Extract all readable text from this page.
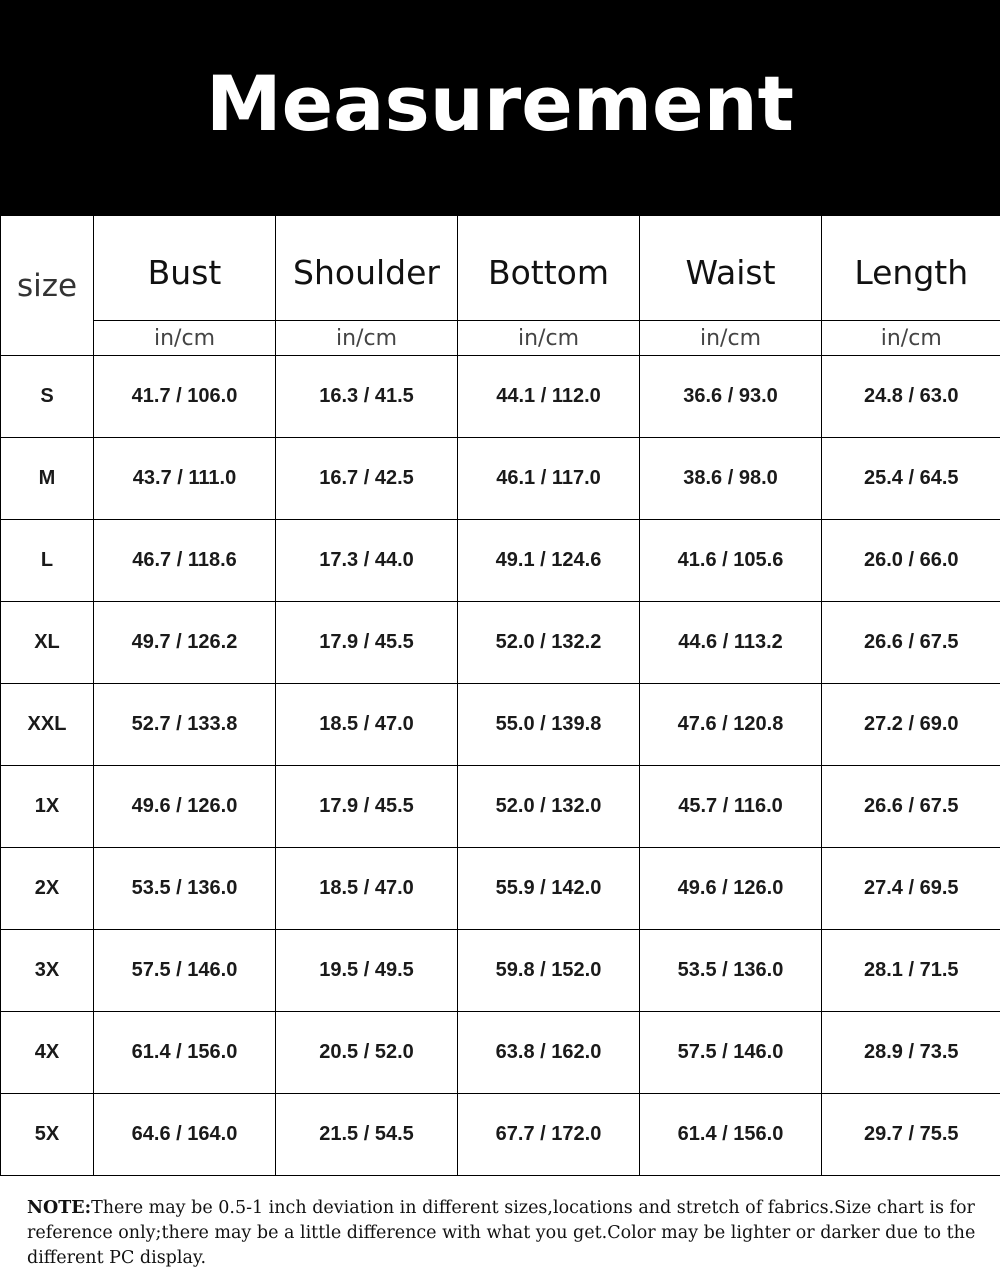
Measurement
size	Bust	Shoulder	Bottom	Waist	Length
	in/cm	in/cm	in/cm	in/cm	in/cm
S	41.7 / 106.0	16.3 / 41.5	44.1 / 112.0	36.6 / 93.0	24.8 / 63.0
M	43.7 / 111.0	16.7 / 42.5	46.1 / 117.0	38.6 / 98.0	25.4 / 64.5
L	46.7 / 118.6	17.3 / 44.0	49.1 / 124.6	41.6 / 105.6	26.0 / 66.0
XL	49.7 / 126.2	17.9 / 45.5	52.0 / 132.2	44.6 / 113.2	26.6 / 67.5
XXL	52.7 / 133.8	18.5 / 47.0	55.0 / 139.8	47.6 / 120.8	27.2 / 69.0
1X	49.6 / 126.0	17.9 / 45.5	52.0 / 132.0	45.7 / 116.0	26.6 / 67.5
2X	53.5 / 136.0	18.5 / 47.0	55.9 / 142.0	49.6 / 126.0	27.4 / 69.5
3X	57.5 / 146.0	19.5 / 49.5	59.8 / 152.0	53.5 / 136.0	28.1 / 71.5
4X	61.4 / 156.0	20.5 / 52.0	63.8 / 162.0	57.5 / 146.0	28.9 / 73.5
5X	64.6 / 164.0	21.5 / 54.5	67.7 / 172.0	61.4 / 156.0	29.7 / 75.5
NOTE:There may be 0.5-1 inch deviation in different sizes,locations and stretch of fabrics.Size chart is for reference only;there may be a little difference with what you get.Color may be lighter or darker due to the different PC display.
